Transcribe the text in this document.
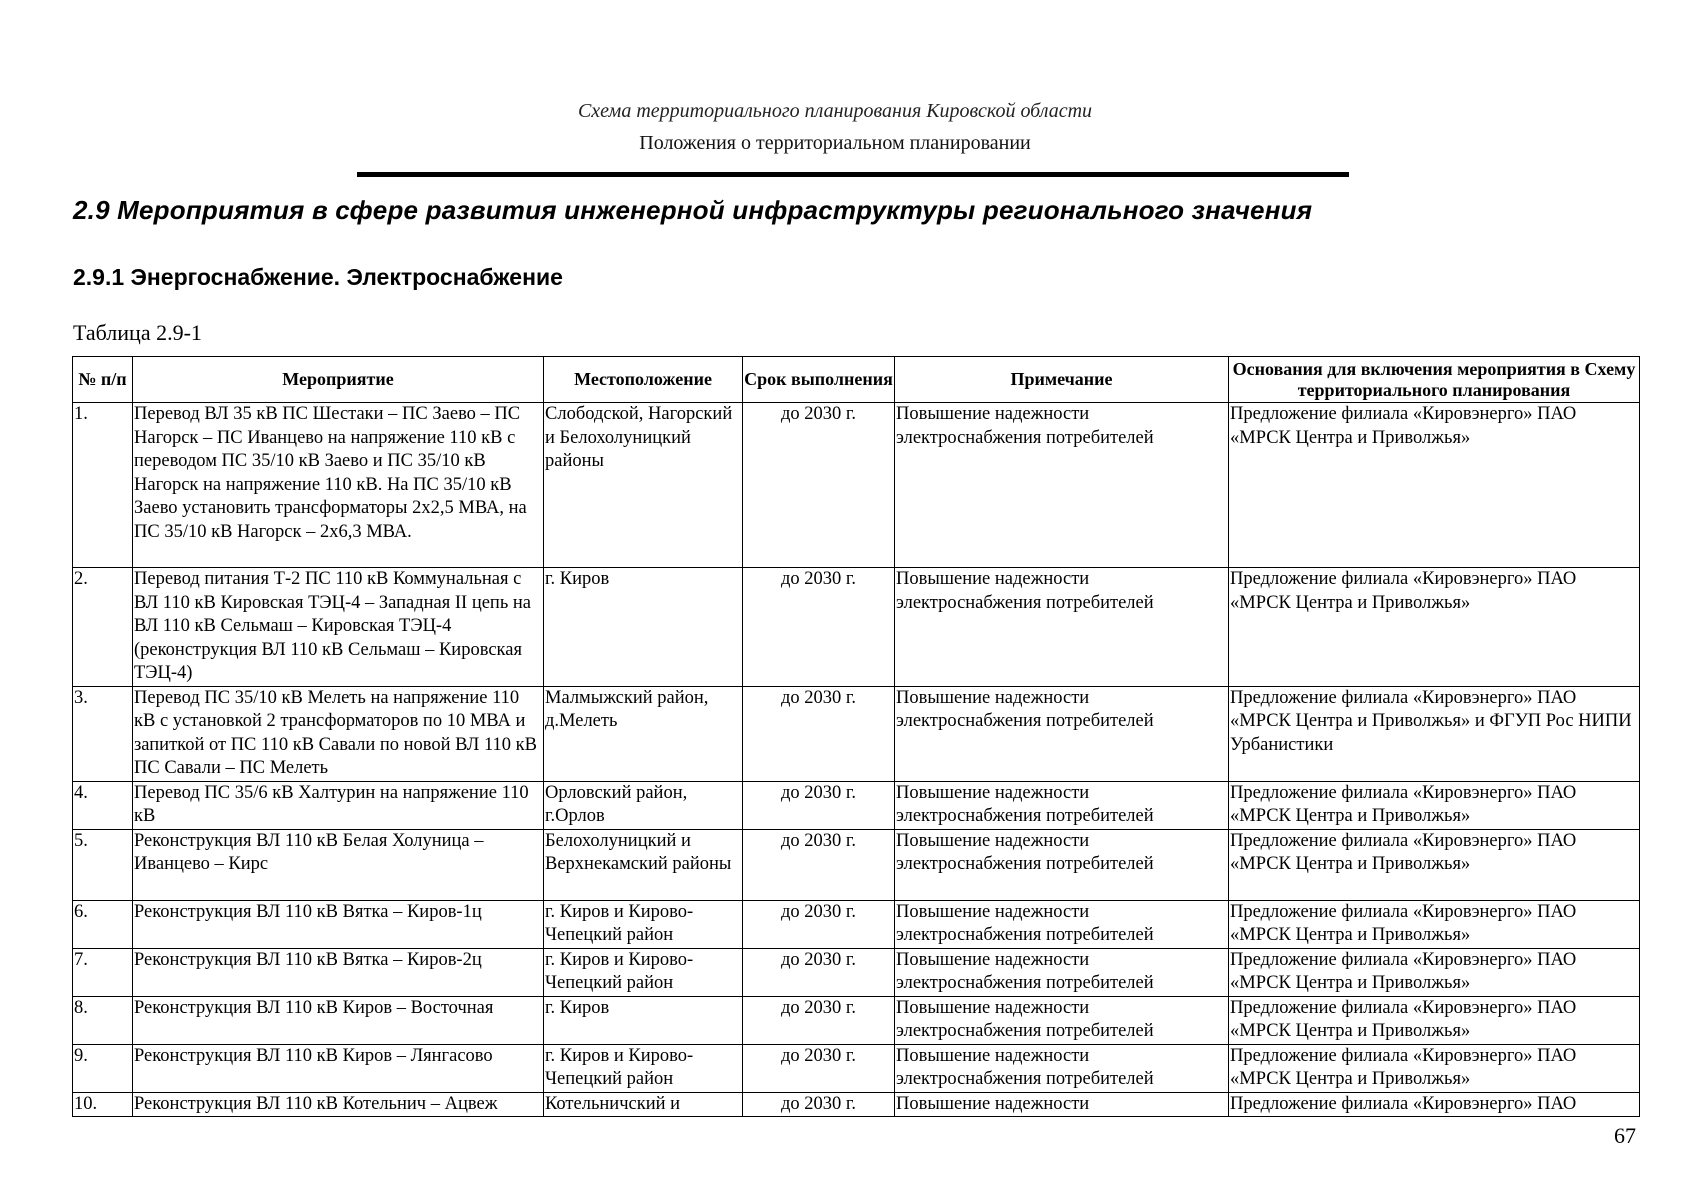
Схема территориального планирования Кировской области
Положения о территориальном планировании
2.9 Мероприятия в сфере развития инженерной инфраструктуры регионального значения
2.9.1 Энергоснабжение. Электроснабжение
Таблица 2.9-1
№ п/п	Мероприятие	Местоположение	Срок выполнения	Примечание	Основания для включения мероприятия в Схему территориального планирования
1.	Перевод ВЛ 35 кВ ПС Шестаки – ПС Заево – ПС Нагорск – ПС Иванцево на напряжение 110 кВ с переводом ПС 35/10 кВ Заево и ПС 35/10 кВ Нагорск на напряжение 110 кВ. На ПС 35/10 кВ Заево установить трансформаторы 2х2,5 МВА, на ПС 35/10 кВ Нагорск – 2х6,3 МВА.	Слободской, Нагорский и Белохолуницкий районы	до 2030 г.	Повышение надежности электроснабжения потребителей	Предложение филиала «Кировэнерго» ПАО «МРСК Центра и Приволжья»
2.	Перевод питания Т-2 ПС 110 кВ Коммунальная с ВЛ 110 кВ Кировская ТЭЦ-4 – Западная II цепь на ВЛ 110 кВ Сельмаш – Кировская ТЭЦ-4 (реконструкция ВЛ 110 кВ Сельмаш – Кировская ТЭЦ-4)	г. Киров	до 2030 г.	Повышение надежности электроснабжения потребителей	Предложение филиала «Кировэнерго» ПАО «МРСК Центра и Приволжья»
3.	Перевод ПС 35/10 кВ Мелеть на напряжение 110 кВ с установкой 2 трансформаторов по 10 МВА и запиткой от ПС 110 кВ Савали по новой ВЛ 110 кВ ПС Савали – ПС Мелеть	Малмыжский район, д.Мелеть	до 2030 г.	Повышение надежности электроснабжения потребителей	Предложение филиала «Кировэнерго» ПАО «МРСК Центра и Приволжья» и ФГУП Рос НИПИ Урбанистики
4.	Перевод ПС 35/6 кВ Халтурин на напряжение 110 кВ	Орловский район, г.Орлов	до 2030 г.	Повышение надежности электроснабжения потребителей	Предложение филиала «Кировэнерго» ПАО «МРСК Центра и Приволжья»
5.	Реконструкция ВЛ 110 кВ Белая Холуница – Иванцево – Кирс	Белохолуницкий и Верхнекамский районы	до 2030 г.	Повышение надежности электроснабжения потребителей	Предложение филиала «Кировэнерго» ПАО «МРСК Центра и Приволжья»
6.	Реконструкция ВЛ 110 кВ Вятка – Киров-1ц	г. Киров и Кирово-Чепецкий район	до 2030 г.	Повышение надежности электроснабжения потребителей	Предложение филиала «Кировэнерго» ПАО «МРСК Центра и Приволжья»
7.	Реконструкция ВЛ 110 кВ Вятка – Киров-2ц	г. Киров и Кирово-Чепецкий район	до 2030 г.	Повышение надежности электроснабжения потребителей	Предложение филиала «Кировэнерго» ПАО «МРСК Центра и Приволжья»
8.	Реконструкция ВЛ 110 кВ Киров – Восточная	г. Киров	до 2030 г.	Повышение надежности электроснабжения потребителей	Предложение филиала «Кировэнерго» ПАО «МРСК Центра и Приволжья»
9.	Реконструкция ВЛ 110 кВ Киров – Лянгасово	г. Киров и Кирово-Чепецкий район	до 2030 г.	Повышение надежности электроснабжения потребителей	Предложение филиала «Кировэнерго» ПАО «МРСК Центра и Приволжья»
10.	Реконструкция ВЛ 110 кВ Котельнич – Ацвеж	Котельничский и	до 2030 г.	Повышение надежности	Предложение филиала «Кировэнерго» ПАО
67
